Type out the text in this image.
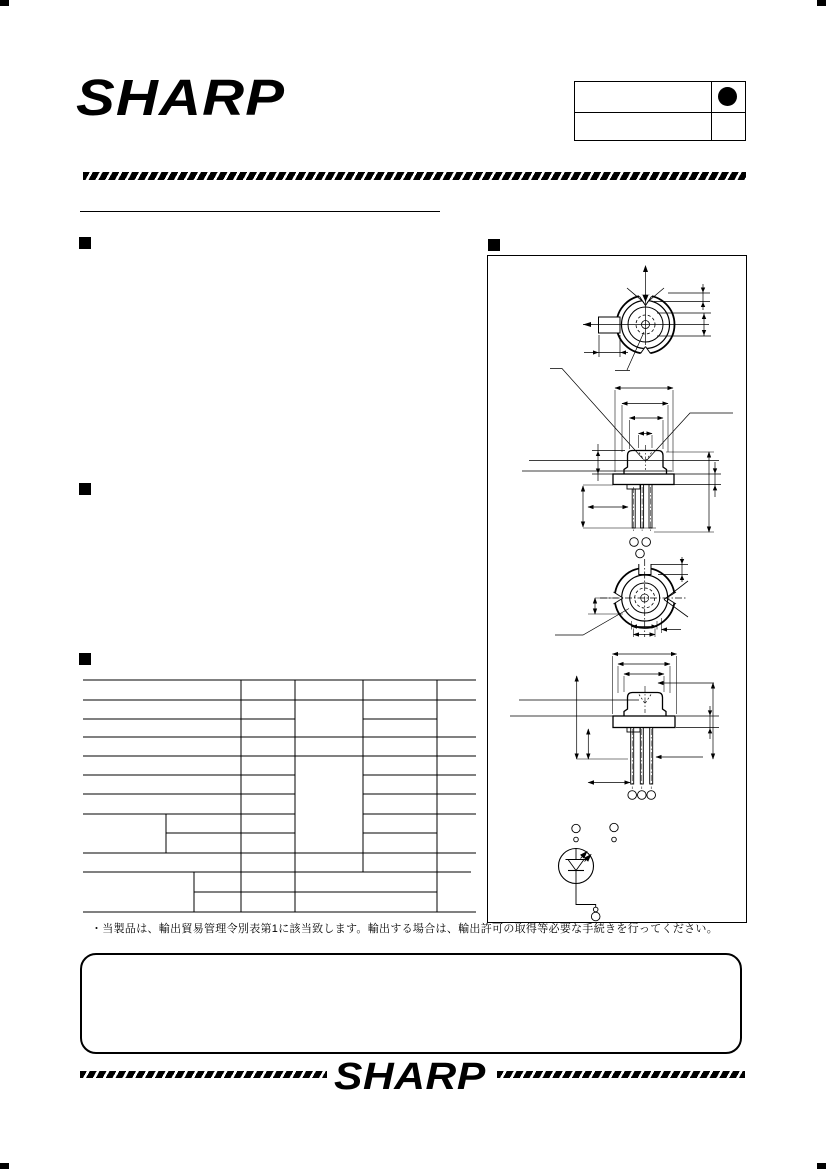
SHARP
・当製品は、輸出貿易管理令別表第1に該当致します。輸出する場合は、輸出許可の取得等必要な手続きを行ってください。
SHARP
